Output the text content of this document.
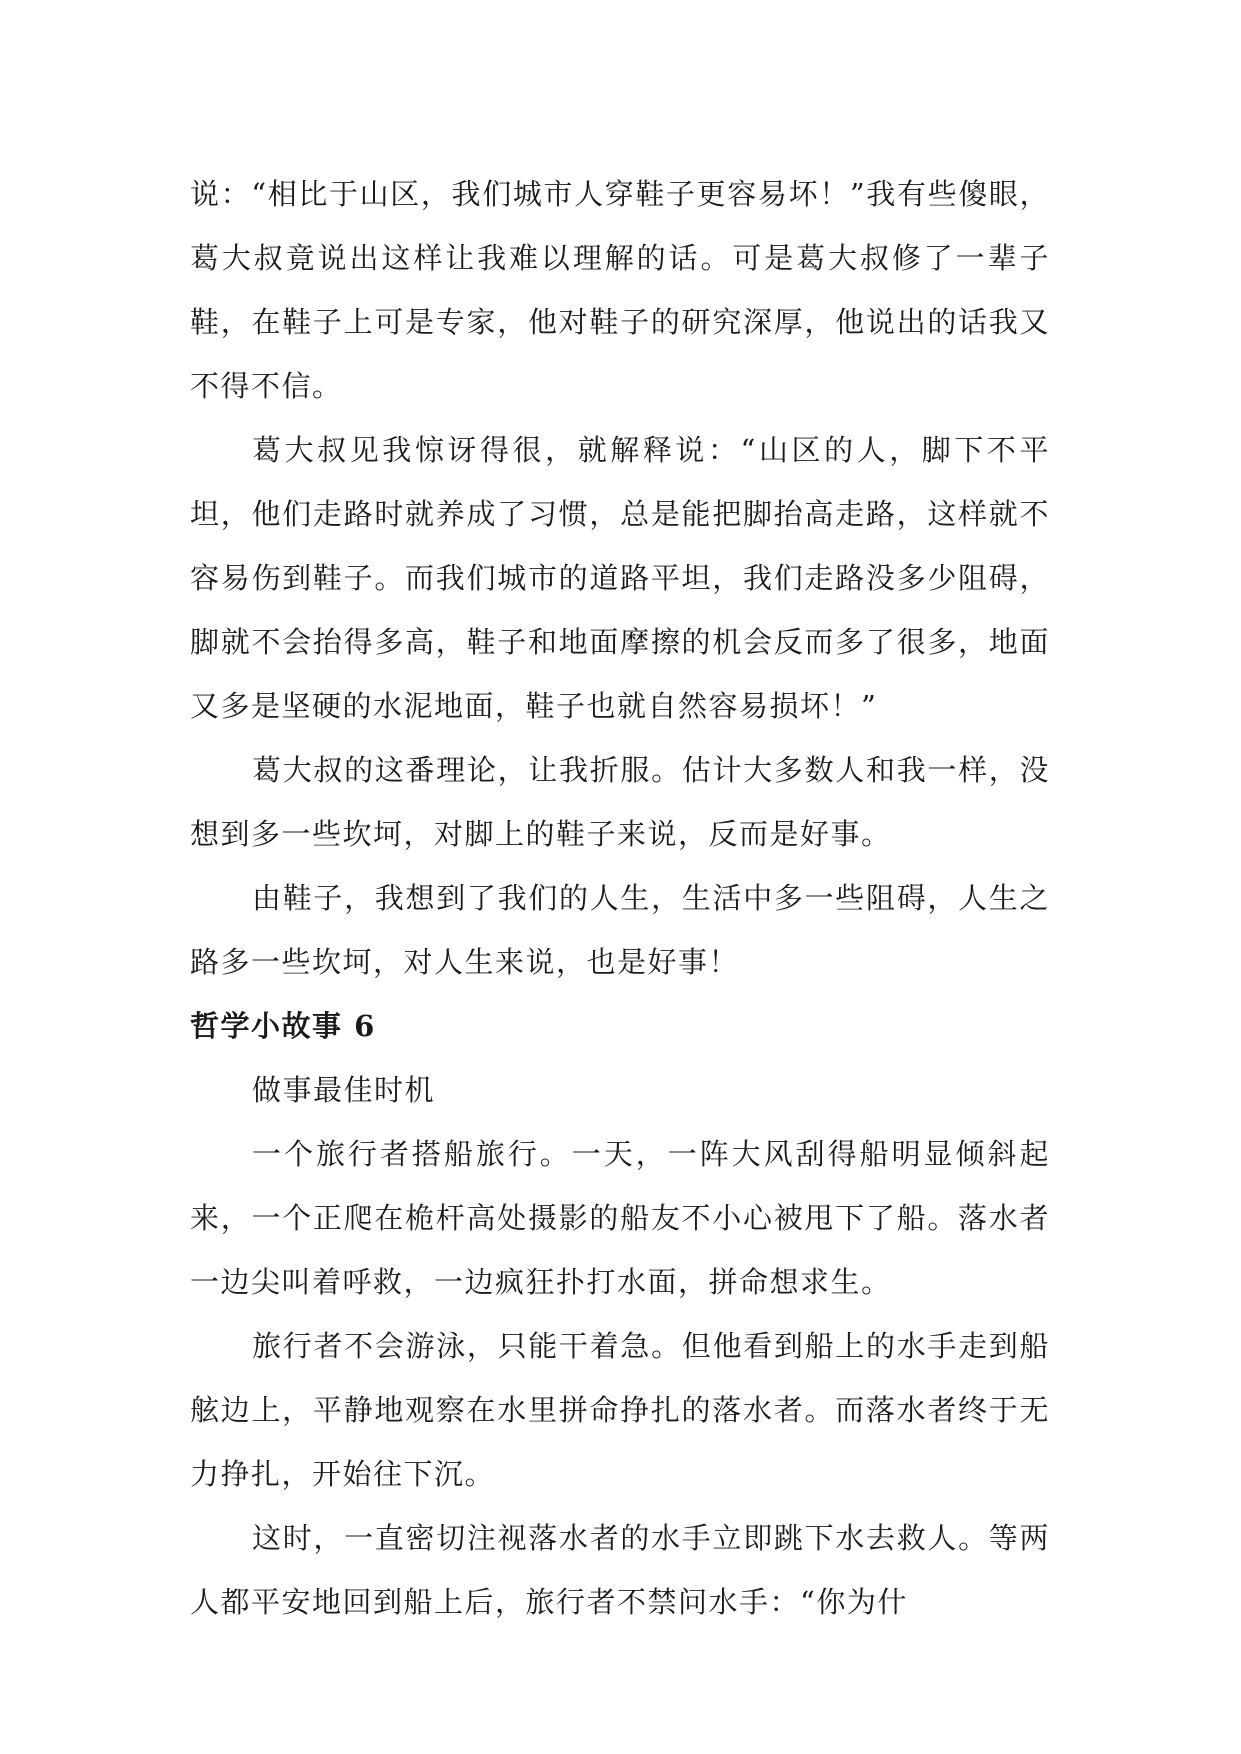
说：“相比于山区，我们城市人穿鞋子更容易坏！”我有些傻眼，葛大叔竟说出这样让我难以理解的话。可是葛大叔修了一辈子鞋，在鞋子上可是专家，他对鞋子的研究深厚，他说出的话我又不得不信。

葛大叔见我惊讶得很，就解释说：“山区的人，脚下不平坦，他们走路时就养成了习惯，总是能把脚抬高走路，这样就不容易伤到鞋子。而我们城市的道路平坦，我们走路没多少阻碍，脚就不会抬得多高，鞋子和地面摩擦的机会反而多了很多，地面又多是坚硬的水泥地面，鞋子也就自然容易损坏！”

葛大叔的这番理论，让我折服。估计大多数人和我一样，没想到多一些坎坷，对脚上的鞋子来说，反而是好事。

由鞋子，我想到了我们的人生，生活中多一些阻碍，人生之路多一些坎坷，对人生来说，也是好事！

哲学小故事 6

做事最佳时机

一个旅行者搭船旅行。一天，一阵大风刮得船明显倾斜起来，一个正爬在桅杆高处摄影的船友不小心被甩下了船。落水者一边尖叫着呼救，一边疯狂扑打水面，拼命想求生。

旅行者不会游泳，只能干着急。但他看到船上的水手走到船舷边上，平静地观察在水里拼命挣扎的落水者。而落水者终于无力挣扎，开始往下沉。

这时，一直密切注视落水者的水手立即跳下水去救人。等两人都平安地回到船上后，旅行者不禁问水手：“你为什
